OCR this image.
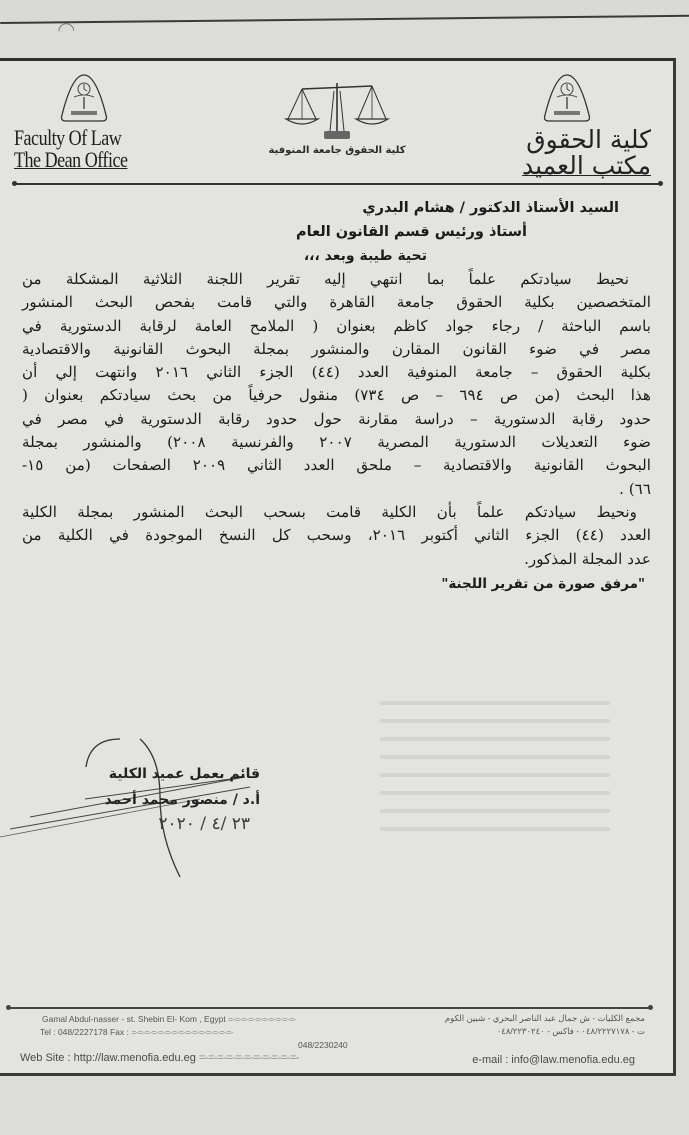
Faculty Of Law
The Dean Office	كلية الحقوق جامعة المنوفية	كلية الحقوق
مكتب العميد
السيد الأستاذ الدكتور / هشام البدري
أستاذ ورئيس قسم القانون العام
تحية طيبة وبعد ،،،
نحيط سيادتكم علماً بما انتهي إليه تقرير اللجنة الثلاثية المشكلة من
المتخصصين بكلية الحقوق جامعة القاهرة والتي قامت بفحص البحث المنشور
باسم الباحثة / رجاء جواد كاظم بعنوان ( الملامح العامة لرقابة الدستورية في
مصر في ضوء القانون المقارن والمنشور بمجلة البحوث القانونية والاقتصادية
بكلية الحقوق – جامعة المنوفية العدد (٤٤) الجزء الثاني ٢٠١٦ وانتهت إلي أن
هذا البحث (من ص ٦٩٤ – ص ٧٣٤) منقول حرفياً من بحث سيادتكم بعنوان (
حدود رقابة الدستورية – دراسة مقارنة حول حدود رقابة الدستورية في مصر في
ضوء التعديلات الدستورية المصرية ٢٠٠٧ والفرنسية ٢٠٠٨) والمنشور بمجلة
البحوث القانونية والاقتصادية – ملحق العدد الثاني ٢٠٠٩ الصفحات (من ١٥-
٦٦) .
ونحيط سيادتكم علماً بأن الكلية قامت بسحب البحث المنشور بمجلة الكلية
العدد (٤٤) الجزء الثاني أكتوبر ٢٠١٦، وسحب كل النسخ الموجودة في الكلية من
عدد المجلة المذكور.
"مرفق صورة من تقرير اللجنة"
قائم بعمل عميد الكلية
أ.د / منصور محمد أحمد
٢٣ /٤ / ٢٠٢٠
Gamal Abdul-nasser - st. Shebin El- Kom , Egypt =-=-=-=-=-=-=-=-=-=-	مجمع الكليات - ش جمال عبد الناصر البحري - شبين الكوم
Tel : 048/2227178 Fax : =-=-=-=-=-=-=-=-=-=-=-=-=-=-=-	ت - ٠٤٨/٢٢٢٧١٧٨ - فاكس - ٠٤٨/٢٢٣٠٢٤٠
048/2230240
Web Site : http://law.menofia.edu.eg =-=-=-=-=-=-=-=-=-=-=-	e-mail : info@law.menofia.edu.eg
